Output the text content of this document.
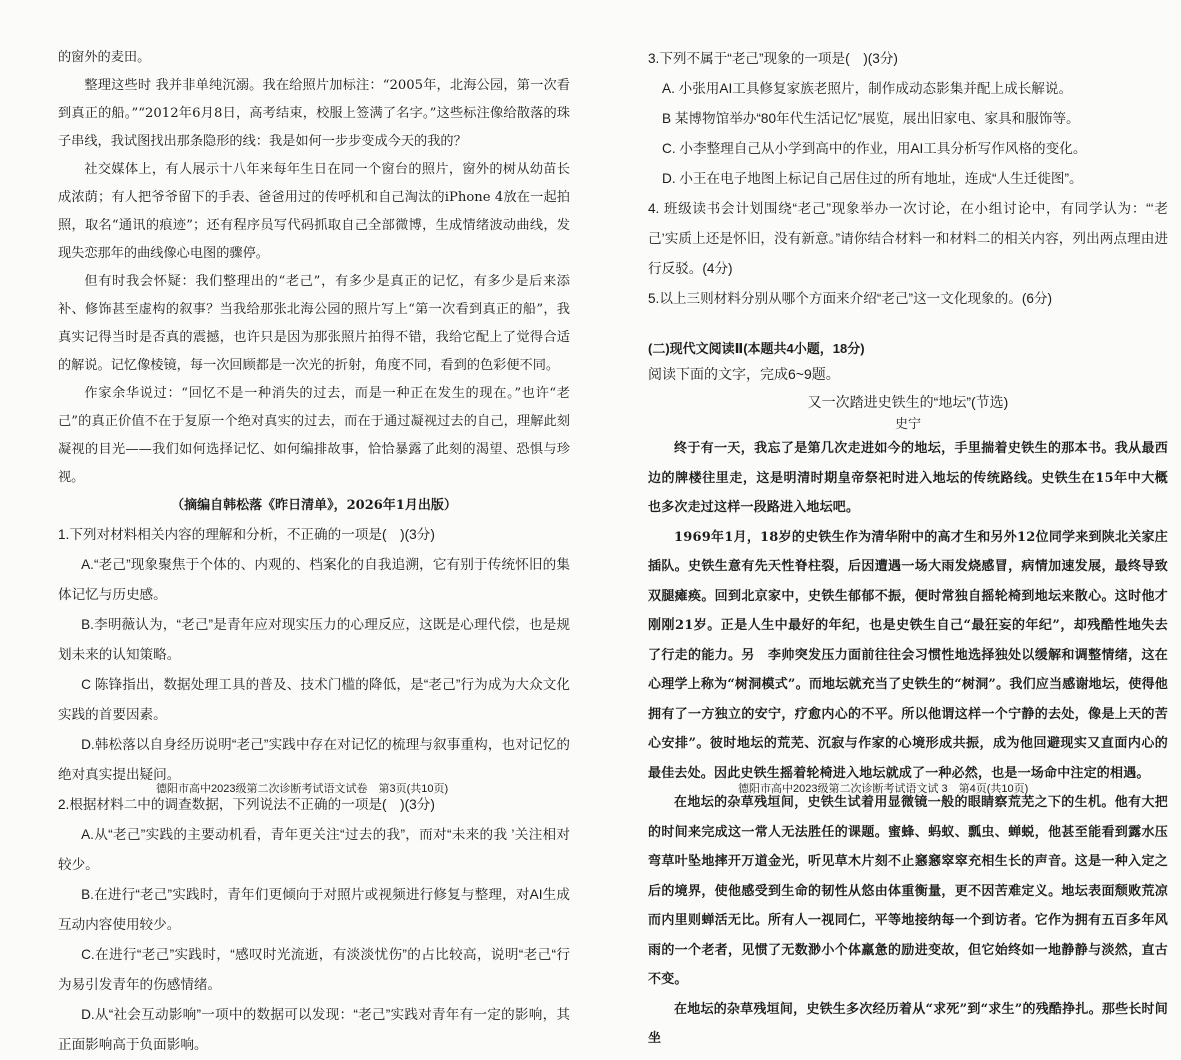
的窗外的麦田。

整理这些时 我并非单纯沉溺。我在给照片加标注：“2005年，北海公园，第一次看到真正的船。”“2012年6月8日，高考结束，校服上签满了名字。”这些标注像给散落的珠子串线，我试图找出那条隐形的线：我是如何一步步变成今天的我的？

社交媒体上，有人展示十八年来每年生日在同一个窗台的照片，窗外的树从幼苗长成浓荫；有人把爷爷留下的手表、爸爸用过的传呼机和自己淘汰的iPhone 4放在一起拍照，取名“通讯的痕迹”；还有程序员写代码抓取自己全部微博，生成情绪波动曲线，发现失恋那年的曲线像心电图的骤停。

但有时我会怀疑：我们整理出的“老己”，有多少是真正的记忆，有多少是后来添补、修饰甚至虚构的叙事？当我给那张北海公园的照片写上“第一次看到真正的船”，我真实记得当时是否真的震撼，也许只是因为那张照片拍得不错，我给它配上了觉得合适的解说。记忆像棱镜，每一次回顾都是一次光的折射，角度不同，看到的色彩便不同。

作家余华说过：“回忆不是一种消失的过去，而是一种正在发生的现在。”也许“老己”的真正价值不在于复原一个绝对真实的过去，而在于通过凝视过去的自己，理解此刻凝视的目光——我们如何选择记忆、如何编排故事，恰恰暴露了此刻的渴望、恐惧与珍视。

（摘编自韩松落《昨日清单》，2026年1月出版）

1.下列对材料相关内容的理解和分析，不正确的一项是(　)(3分)

A.“老己”现象聚焦于个体的、内观的、档案化的自我追溯，它有别于传统怀旧的集体记忆与历史感。

B.李明薇认为，“老己”是青年应对现实压力的心理反应，这既是心理代偿，也是规划未来的认知策略。

C 陈锋指出，数据处理工具的普及、技术门槛的降低，是“老己”行为成为大众文化实践的首要因素。

D.韩松落以自身经历说明“老己”实践中存在对记忆的梳理与叙事重构，也对记忆的绝对真实提出疑问。

2.根据材料二中的调查数据，下列说法不正确的一项是(　)(3分)

A.从“老己”实践的主要动机看，青年更关注“过去的我”，而对“未来的我 ’关注相对较少。

B.在进行“老己”实践时，青年们更倾向于对照片或视频进行修复与整理，对AI生成互动内容使用较少。

C.在进行“老己”实践时，“感叹时光流逝，有淡淡忧伤”的占比较高，说明“老己“行为易引发青年的伤感情绪。

D.从“社会互动影响”一项中的数据可以发现：“老己”实践对青年有一定的影响，其正面影响高于负面影响。

3.下列不属于“老己”现象的一项是(　)(3分)

A. 小张用AI工具修复家族老照片，制作成动态影集并配上成长解说。

B 某博物馆举办“80年代生活记忆”展览，展出旧家电、家具和服饰等。

C. 小李整理自己从小学到高中的作业，用AI工具分析写作风格的变化。

D. 小王在电子地图上标记自己居住过的所有地址，连成“人生迁徙图”。

4. 班级读书会计划围绕“老己”现象举办一次讨论，在小组讨论中，有同学认为：“‘老己’实质上还是怀旧，没有新意。”请你结合材料一和材料二的相关内容，列出两点理由进行反驳。(4分)

5.以上三则材料分别从哪个方面来介绍“老己”这一文化现象的。(6分)

(二)现代文阅读Ⅱ(本题共4小题，18分)

阅读下面的文字，完成6~9题。

又一次踏进史铁生的“地坛”(节选)

史宁

终于有一天，我忘了是第几次走进如今的地坛，手里揣着史铁生的那本书。我从最西边的牌楼往里走，这是明清时期皇帝祭祀时进入地坛的传统路线。史铁生在15年中大概也多次走过这样一段路进入地坛吧。

1969年1月，18岁的史铁生作为清华附中的高才生和另外12位同学来到陕北关家庄插队。史铁生意有先天性脊柱裂，后因遭遇一场大雨发烧感冒，病情加速发展，最终导致双腿瘫痪。回到北京家中，史铁生郁郁不振，便时常独自摇轮椅到地坛来散心。这时他才刚刚21岁。正是人生中最好的年纪，也是史铁生自己“最狂妄的年纪”，却残酷性地失去了行走的能力。另　李帅突发压力面前往往会习惯性地选择独处以缓解和调整情绪，这在心理学上称为“树洞模式”。而地坛就充当了史铁生的“树洞”。我们应当感谢地坛，使得他拥有了一方独立的安宁，疗愈内心的不平。所以他谓这样一个宁静的去处，像是上天的苦心安排”。彼时地坛的荒芜、沉寂与作家的心境形成共振，成为他回避现实又直面内心的最佳去处。因此史铁生摇着轮椅进入地坛就成了一种必然，也是一场命中注定的相遇。

在地坛的杂草残垣间，史铁生试着用显微镜一般的眼睛察荒芜之下的生机。他有大把的时间来完成这一常人无法胜任的课题。蜜蜂、蚂蚁、瓢虫、蝉蜕，他甚至能看到露水压弯草叶坠地摔开万道金光，听见草木片刻不止窸窸窣窣充相生长的声音。这是一种入定之后的境界，使他感受到生命的韧性从悠由体重衡量，更不因苦难定义。地坛表面颓败荒凉而内里则蝉活无比。所有人一视同仁，平等地接纳每一个到访者。它作为拥有五百多年风雨的一个老者，见惯了无数渺小个体羸惫的励进变故，但它始终如一地静静与淡然，直古不变。

在地坛的杂草残垣间，史铁生多次经历着从“求死”到“求生”的残酷挣扎。那些长时间坐

德阳市高中2023级第二次诊断考试语文试卷　第3页(共10页)	德阳市高中2023级第二次诊断考试语文试 3　第4页(共10页)
